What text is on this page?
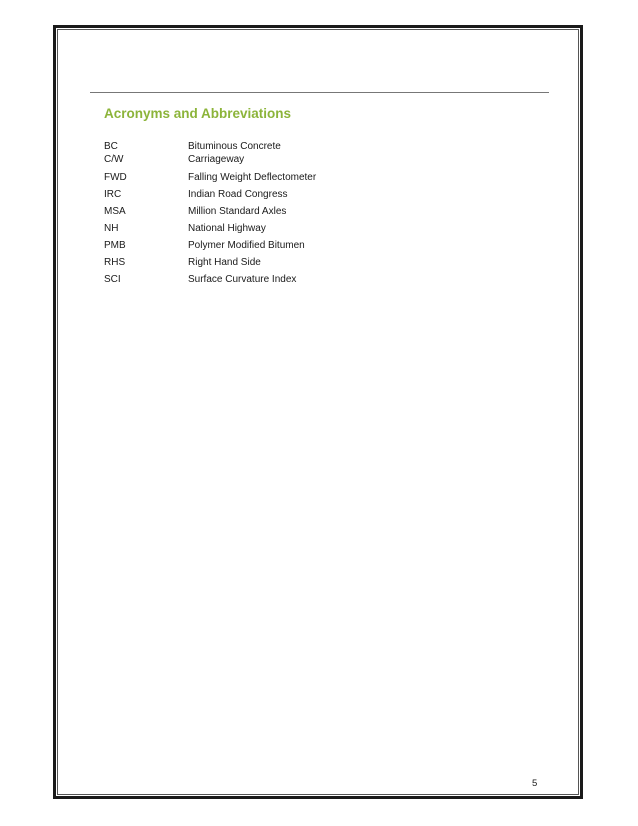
Acronyms and Abbreviations
BC	Bituminous Concrete
C/W	Carriageway
FWD	Falling Weight Deflectometer
IRC	Indian Road Congress
MSA	Million Standard Axles
NH	National Highway
PMB	Polymer Modified Bitumen
RHS	Right Hand Side
SCI	Surface Curvature Index
5
